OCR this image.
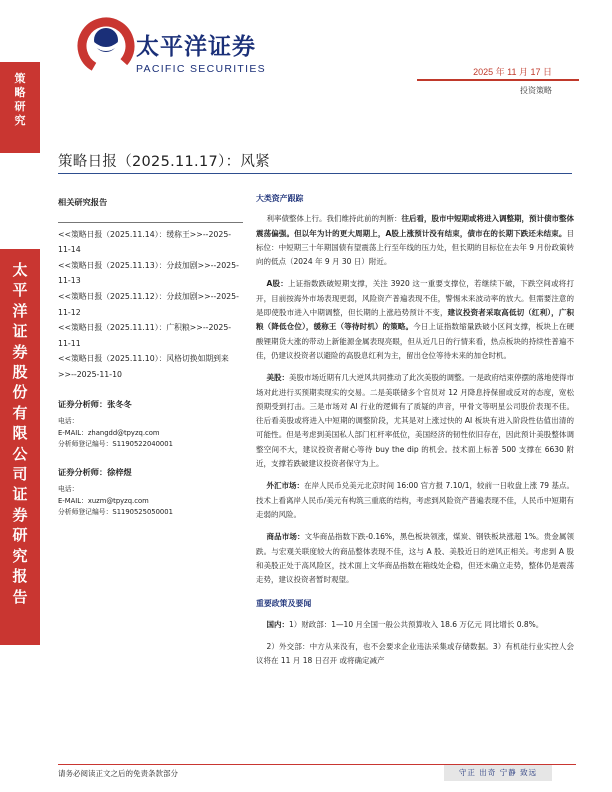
太平洋证券
PACIFIC SECURITIES	2025 年 11 月 17 日
投资策略
策
略
研
究
太
平
洋
证
券
股
份
有
限
公
司
证
券
研
究
报
告
策略日报（2025.11.17）：风紧
相关研究报告
<<策略日报（2025.11.14）：缓称王>>--2025-11-14
<<策略日报（2025.11.13）：分歧加剧>>--2025-11-13
<<策略日报（2025.11.12）：分歧加剧>>--2025-11-12
<<策略日报（2025.11.11）：广积粮>>--2025-11-11
<<策略日报（2025.11.10）：风格切换如期到来>>--2025-11-10
证券分析师：张冬冬
电话：
E-MAIL：zhangdd@tpyzq.com
分析师登记编号：S1190522040001
证券分析师：徐梓煜
电话：
E-MAIL：xuzm@tpyzq.com
分析师登记编号：S1190525050001
大类资产跟踪

利率债整体上行。我们维持此前的判断：往后看，股市中短期或将进入调整期，预计债市整体震荡偏强。但以年为计的更大周期上，A股上涨预计没有结束，债市在的长期下跌还未结束。目标位：中短期三十年期国债有望震荡上行至年线的压力处，但长期的目标位在去年 9 月份政策转向的低点（2024 年 9 月 30 日）附近。

A股：上证指数跌破短期支撑，关注 3920 这一重要支撑位，若继续下破，下跌空间或将打开，目前按海外市场表现更弱，风险资产普遍表现不佳，警惕未来波动率的放大。但需要注意的是即使股市进入中期调整，但长期的上涨趋势预计不变，建议投资者采取高低切（红利），广积粮（降低仓位），缓称王（等待时机）的策略。今日上证指数缩量跌破小区间支撑，板块上在硬酸锂期货大涨的带动上新能源金属表现亮眼，但从近几日的行情来看，热点板块的持续性普遍不佳，仍建议投资者以避险的高股息红利为主，留出仓位等待未来的加仓时机。

美股：美股市场近期有几大逆风共同推动了此次美股的调整。一是政府结束停摆的落地使得市场对此进行买预期卖现实的交易。二是美联储多个官员对 12 月降息持保留或反对的态度，宽松预期受到打击。三是市场对 AI 行业的逻辑有了质疑的声音，甲骨文等明星公司股价表现不佳。往后看美股或将进入中短期的调整阶段，尤其是对上涨过快的 AI 板块有进入阶段性估值出清的可能性。但是考虑到美国私人部门杠杆率低位，美国经济的韧性依旧存在，因此预计美股整体调整空间不大，建议投资者耐心等待 buy the dip 的机会。技术面上标普 500 支撑在 6630 附近，支撑若跌破建议投资者保守为上。

外汇市场：在岸人民币兑美元北京时间 16:00 官方报 7.10/1，较前一日收盘上涨 79 基点。技术上看离岸人民币/美元有构筑三重底的结构，考虑到风险资产普遍表现不佳，人民币中短期有走弱的风险。

商品市场：文华商品指数下跌-0.16%，黑色板块领涨，煤炭、钢铁板块涨超 1%。贵金属领跌。与宏观关联度较大的商品整体表现不佳，这与 A 股、美股近日的逆风正相关。考虑到 A 股和美股正处于高风险区，技术面上文华商品指数在箱线处企稳，但还未确立走势，整体仍是震荡走势，建议投资者暂时观望。

重要政策及要闻

国内：1）财政部：1—10 月全国一般公共预算收入 18.6 万亿元 同比增长 0.8%。

2）外交部：中方从来没有，也不会要求企业违法采集或存储数据。3）有机硅行业实控人会议将在 11 月 18 日召开 或将确定减产

请务必阅读正文之后的免责条款部分	守正 出奇 宁静 致远
